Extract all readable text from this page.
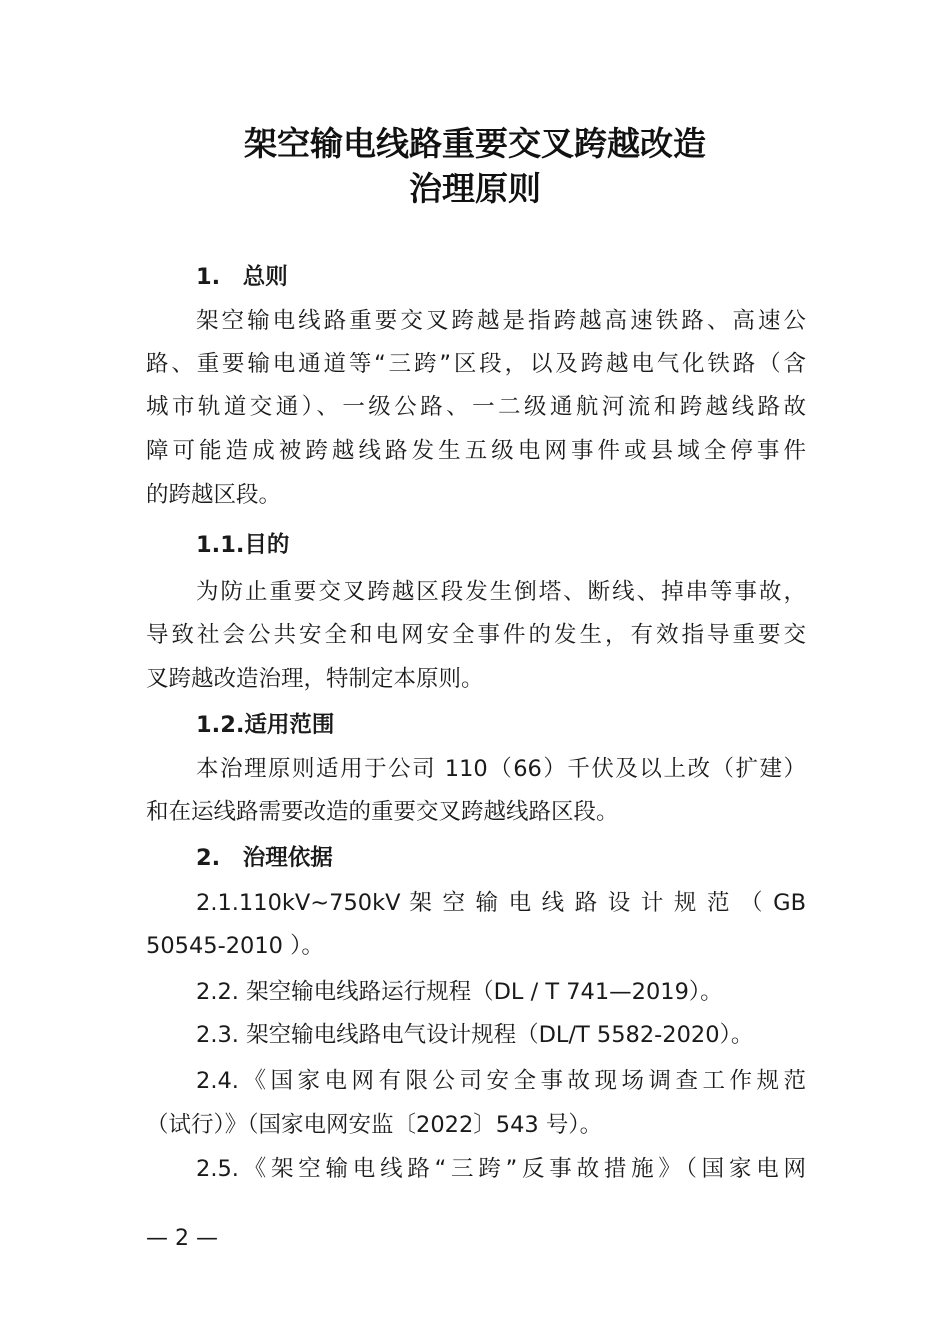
架空输电线路重要交叉跨越改造
治理原则
1.　总则
架空输电线路重要交叉跨越是指跨越高速铁路、高速公
路、重要输电通道等“三跨”区段，以及跨越电气化铁路（含
城市轨道交通）、一级公路、一二级通航河流和跨越线路故
障可能造成被跨越线路发生五级电网事件或县域全停事件
的跨越区段。
1.1.目的
为防止重要交叉跨越区段发生倒塔、断线、掉串等事故，
导致社会公共安全和电网安全事件的发生，有效指导重要交
叉跨越改造治理，特制定本原则。
1.2.适用范围
本治理原则适用于公司 110（66）千伏及以上改（扩建）
和在运线路需要改造的重要交叉跨越线路区段。
2.　治理依据
2.1.110kV~750kV 架 空 输 电 线 路 设 计 规 范 （ GB
50545-2010 ）。
2.2. 架空输电线路运行规程（DL / T 741—2019）。
2.3. 架空输电线路电气设计规程（DL/T 5582-2020）。
2.4.《国家电网有限公司安全事故现场调查工作规范
（试行）》（国家电网安监〔2022〕543 号）。
2.5.《架空输电线路“三跨”反事故措施》（国家电网
— 2 —
